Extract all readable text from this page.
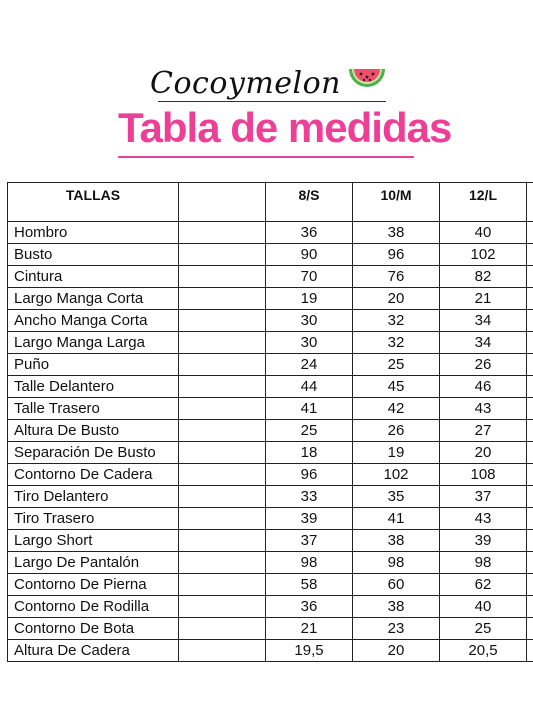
Cocoymelon
Tabla de medidas
TALLAS		8/S	10/M	12/L	
Hombro		36	38	40	
Busto		90	96	102	
Cintura		70	76	82	
Largo Manga Corta		19	20	21	
Ancho Manga Corta		30	32	34	
Largo Manga Larga		30	32	34	
Puño		24	25	26	
Talle Delantero		44	45	46	
Talle Trasero		41	42	43	
Altura De Busto		25	26	27	
Separación De Busto		18	19	20	
Contorno De Cadera		96	102	108	
Tiro Delantero		33	35	37	
Tiro Trasero		39	41	43	
Largo Short		37	38	39	
Largo De Pantalón		98	98	98	
Contorno De Pierna		58	60	62	
Contorno De Rodilla		36	38	40	
Contorno De Bota		21	23	25	
Altura De Cadera		19,5	20	20,5	
